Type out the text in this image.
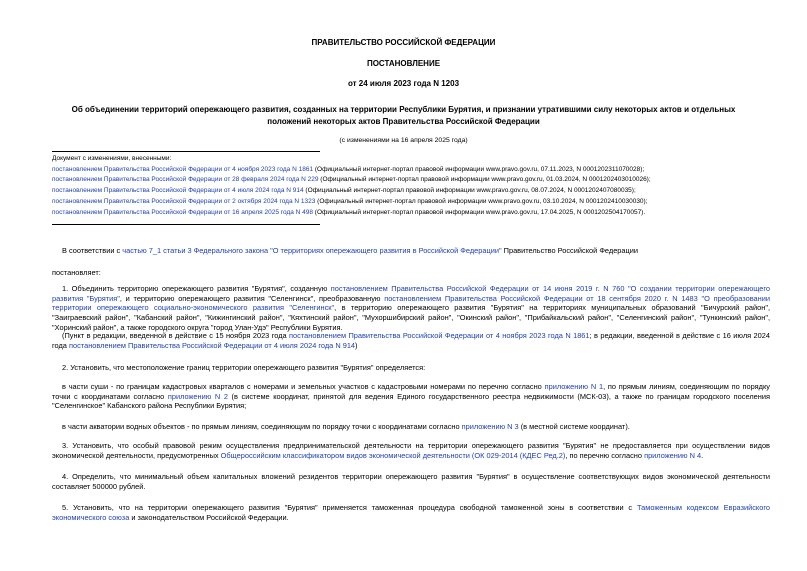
ПРАВИТЕЛЬСТВО РОССИЙСКОЙ ФЕДЕРАЦИИ
ПОСТАНОВЛЕНИЕ
от 24 июля 2023 года N 1203
Об объединении территорий опережающего развития, созданных на территории Республики Бурятия, и признании утратившими силу некоторых актов и отдельных положений некоторых актов Правительства Российской Федерации
(с изменениями на 16 апреля 2025 года)
Документ с изменениями, внесенными:
постановлением Правительства Российской Федерации от 4 ноября 2023 года N 1861 (Официальный интернет-портал правовой информации www.pravo.gov.ru, 07.11.2023, N 0001202311070028);
постановлением Правительства Российской Федерации от 28 февраля 2024 года N 229 (Официальный интернет-портал правовой информации www.pravo.gov.ru, 01.03.2024, N 0001202403010026);
постановлением Правительства Российской Федерации от 4 июля 2024 года N 914 (Официальный интернет-портал правовой информации www.pravo.gov.ru, 08.07.2024, N 0001202407080035);
постановлением Правительства Российской Федерации от 2 октября 2024 года N 1323 (Официальный интернет-портал правовой информации www.pravo.gov.ru, 03.10.2024, N 0001202410030030);
постановлением Правительства Российской Федерации от 16 апреля 2025 года N 498 (Официальный интернет-портал правовой информации www.pravo.gov.ru, 17.04.2025, N 0001202504170057).
В соответствии с частью 7_1 статьи 3 Федерального закона "О территориях опережающего развития в Российской Федерации" Правительство Российской Федерации
постановляет:
1. Объединить территорию опережающего развития "Бурятия", созданную постановлением Правительства Российской Федерации от 14 июня 2019 г. N 760 "О создании территории опережающего развития "Бурятия", и территорию опережающего развития "Селенгинск", преобразованную постановлением Правительства Российской Федерации от 18 сентября 2020 г. N 1483 "О преобразовании территории опережающего социально-экономического развития "Селенгинск", в территорию опережающего развития "Бурятия" на территориях муниципальных образований "Бичурский район", "Заиграевский район", "Кабанский район", "Кижингинский район", "Кяхтинский район", "Мухоршибирский район", "Окинский район", "Прибайкальский район", "Селенгинский район", "Тункинский район", "Хоринский район", а также городского округа "город Улан-Удэ" Республики Бурятия.
(Пункт в редакции, введенной в действие с 15 ноября 2023 года постановлением Правительства Российской Федерации от 4 ноября 2023 года N 1861; в редакции, введенной в действие с 16 июля 2024 года постановлением Правительства Российской Федерации от 4 июля 2024 года N 914)
2. Установить, что местоположение границ территории опережающего развития "Бурятия" определяется:
в части суши - по границам кадастровых кварталов с номерами и земельных участков с кадастровыми номерами по перечню согласно приложению N 1, по прямым линиям, соединяющим по порядку точки с координатами согласно приложению N 2 (в системе координат, принятой для ведения Единого государственного реестра недвижимости (МСК-03), а также по границам городского поселения "Селенгинское" Кабанского района Республики Бурятия;
в части акватории водных объектов - по прямым линиям, соединяющим по порядку точки с координатами согласно приложению N 3 (в местной системе координат).
3. Установить, что особый правовой режим осуществления предпринимательской деятельности на территории опережающего развития "Бурятия" не предоставляется при осуществлении видов экономической деятельности, предусмотренных Общероссийским классификатором видов экономической деятельности (ОК 029-2014 (КДЕС Ред.2), по перечню согласно приложению N 4.
4. Определить, что минимальный объем капитальных вложений резидентов территории опережающего развития "Бурятия" в осуществление соответствующих видов экономической деятельности составляет 500000 рублей.
5. Установить, что на территории опережающего развития "Бурятия" применяется таможенная процедура свободной таможенной зоны в соответствии с Таможенным кодексом Евразийского экономического союза и законодательством Российской Федерации.
